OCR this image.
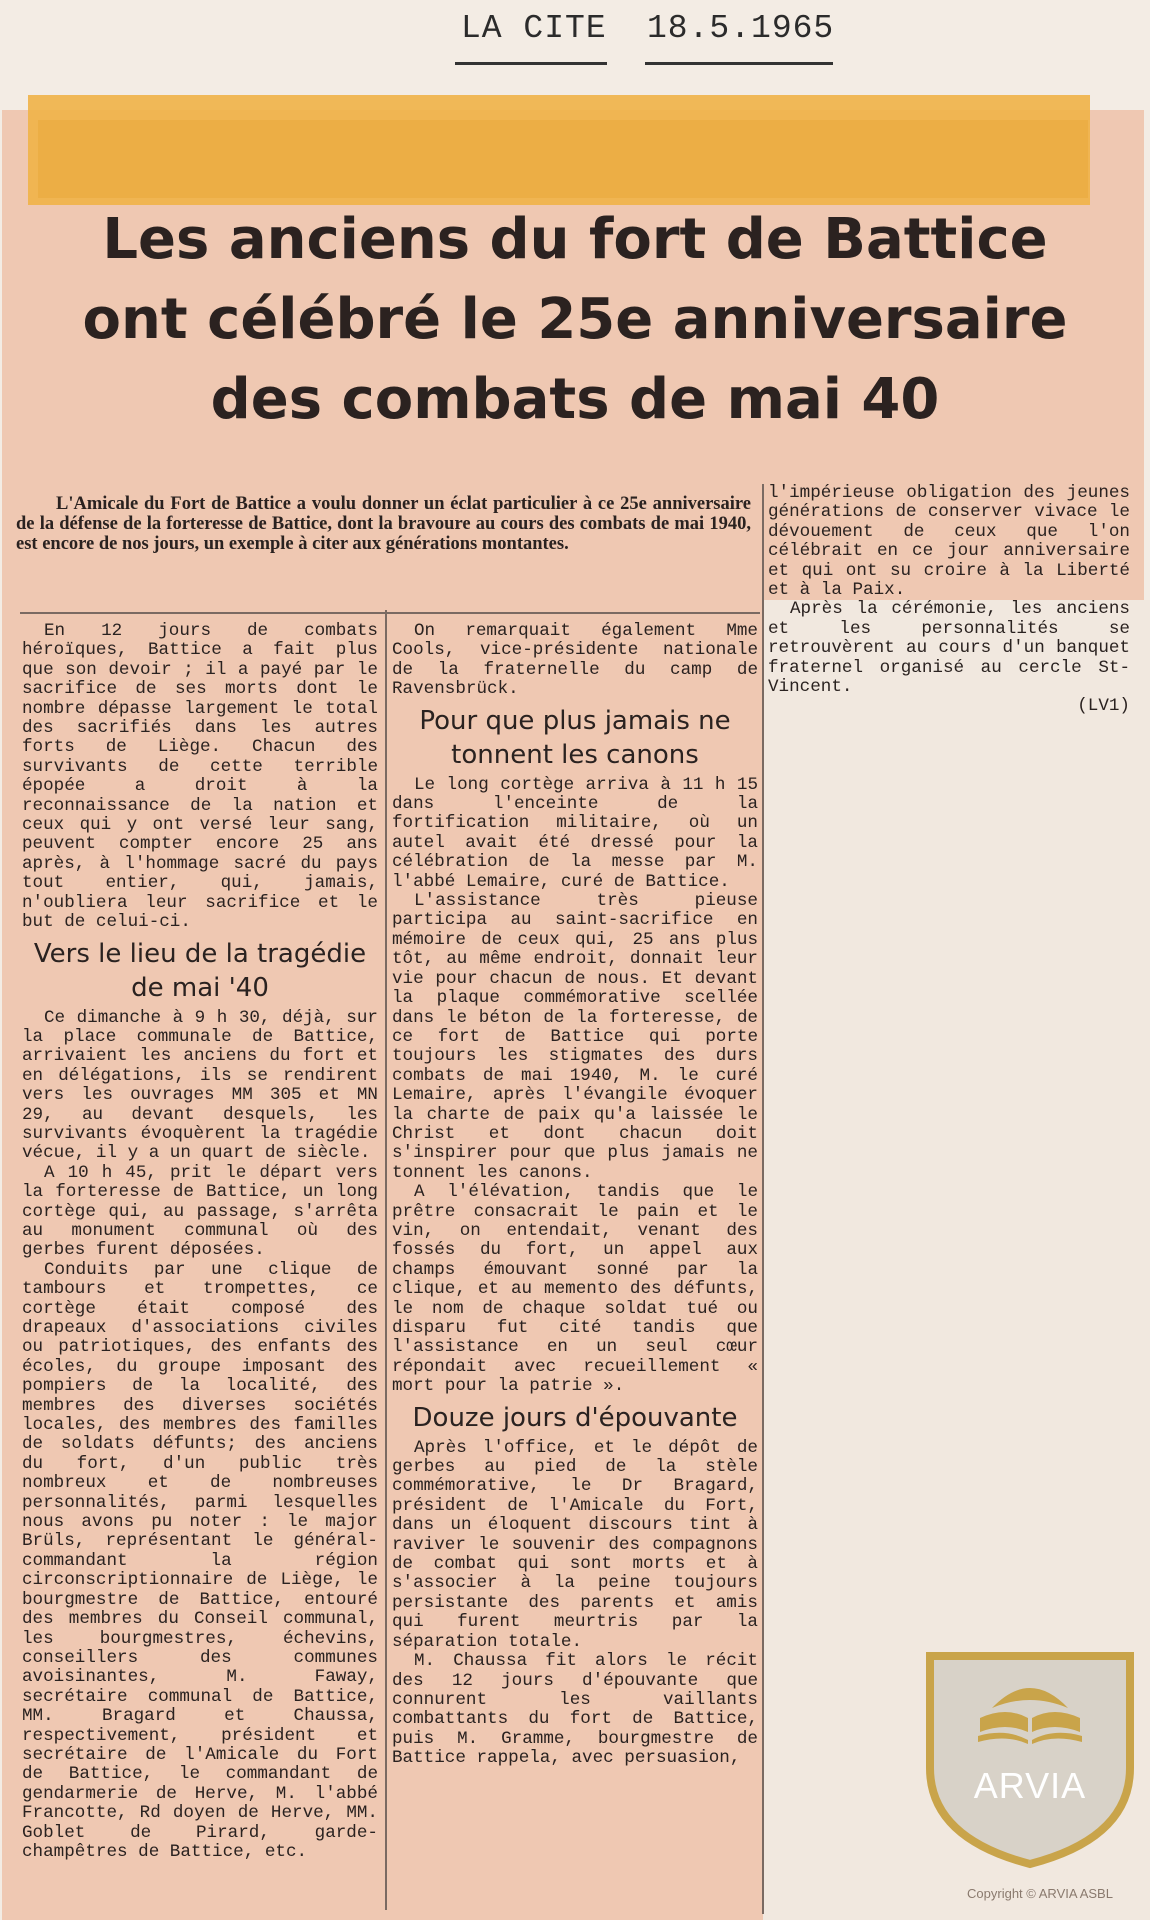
LA CITE 18.5.1965
Les anciens du fort de Battice
ont célébré le 25e anniversaire
des combats de mai 40
L'Amicale du Fort de Battice a voulu donner un éclat particulier à ce 25e anniversaire de la défense de la forteresse de Battice, dont la bravoure au cours des combats de mai 1940, est encore de nos jours, un exemple à citer aux générations montantes.

En 12 jours de combats héroïques, Battice a fait plus que son devoir ; il a payé par le sacrifice de ses morts dont le nombre dépasse largement le total des sacrifiés dans les autres forts de Liège. Chacun des survivants de cette terrible épopée a droit à la reconnaissance de la nation et ceux qui y ont versé leur sang, peuvent compter encore 25 ans après, à l'hommage sacré du pays tout entier, qui, jamais, n'oubliera leur sacrifice et le but de celui-ci.

Vers le lieu de la tragédie de mai '40

Ce dimanche à 9 h 30, déjà, sur la place communale de Battice, arrivaient les anciens du fort et en délégations, ils se rendirent vers les ouvrages MM 305 et MN 29, au devant desquels, les survivants évoquèrent la tragédie vécue, il y a un quart de siècle.

A 10 h 45, prit le départ vers la forteresse de Battice, un long cortège qui, au passage, s'arrêta au monument communal où des gerbes furent déposées.

Conduits par une clique de tambours et trompettes, ce cortège était composé des drapeaux d'associations civiles ou patriotiques, des enfants des écoles, du groupe imposant des pompiers de la localité, des membres des diverses sociétés locales, des membres des familles de soldats défunts; des anciens du fort, d'un public très nombreux et de nombreuses personnalités, parmi lesquelles nous avons pu noter : le major Brüls, représentant le général-commandant la région circonscriptionnaire de Liège, le bourgmestre de Battice, entouré des membres du Conseil communal, les bourgmestres, échevins, conseillers des communes avoisinantes, M. Faway, secrétaire communal de Battice, MM. Bragard et Chaussa, respectivement, président et secrétaire de l'Amicale du Fort de Battice, le commandant de gendarmerie de Herve, M. l'abbé Francotte, Rd doyen de Herve, MM. Goblet de Pirard, garde-champêtres de Battice, etc.

On remarquait également Mme Cools, vice-présidente nationale de la fraternelle du camp de Ravensbrück.

Pour que plus jamais ne tonnent les canons

Le long cortège arriva à 11 h 15 dans l'enceinte de la fortification militaire, où un autel avait été dressé pour la célébration de la messe par M. l'abbé Lemaire, curé de Battice.

L'assistance très pieuse participa au saint-sacrifice en mémoire de ceux qui, 25 ans plus tôt, au même endroit, donnait leur vie pour chacun de nous. Et devant la plaque commémorative scellée dans le béton de la forteresse, de ce fort de Battice qui porte toujours les stigmates des durs combats de mai 1940, M. le curé Lemaire, après l'évangile évoquer la charte de paix qu'a laissée le Christ et dont chacun doit s'inspirer pour que plus jamais ne tonnent les canons.

A l'élévation, tandis que le prêtre consacrait le pain et le vin, on entendait, venant des fossés du fort, un appel aux champs émouvant sonné par la clique, et au memento des défunts, le nom de chaque soldat tué ou disparu fut cité tandis que l'assistance en un seul cœur répondait avec recueillement « mort pour la patrie ».

Douze jours d'épouvante

Après l'office, et le dépôt de gerbes au pied de la stèle commémorative, le Dr Bragard, président de l'Amicale du Fort, dans un éloquent discours tint à raviver le souvenir des compagnons de combat qui sont morts et à s'associer à la peine toujours persistante des parents et amis qui furent meurtris par la séparation totale.

M. Chaussa fit alors le récit des 12 jours d'épouvante que connurent les vaillants combattants du fort de Battice, puis M. Gramme, bourgmestre de Battice rappela, avec persuasion,

l'impérieuse obligation des jeunes générations de conserver vivace le dévouement de ceux que l'on célébrait en ce jour anniversaire et qui ont su croire à la Liberté et à la Paix.

Après la cérémonie, les anciens et les personnalités se retrouvèrent au cours d'un banquet fraternel organisé au cercle St-Vincent.

(LV1)

ARVIA
Copyright © ARVIA ASBL
